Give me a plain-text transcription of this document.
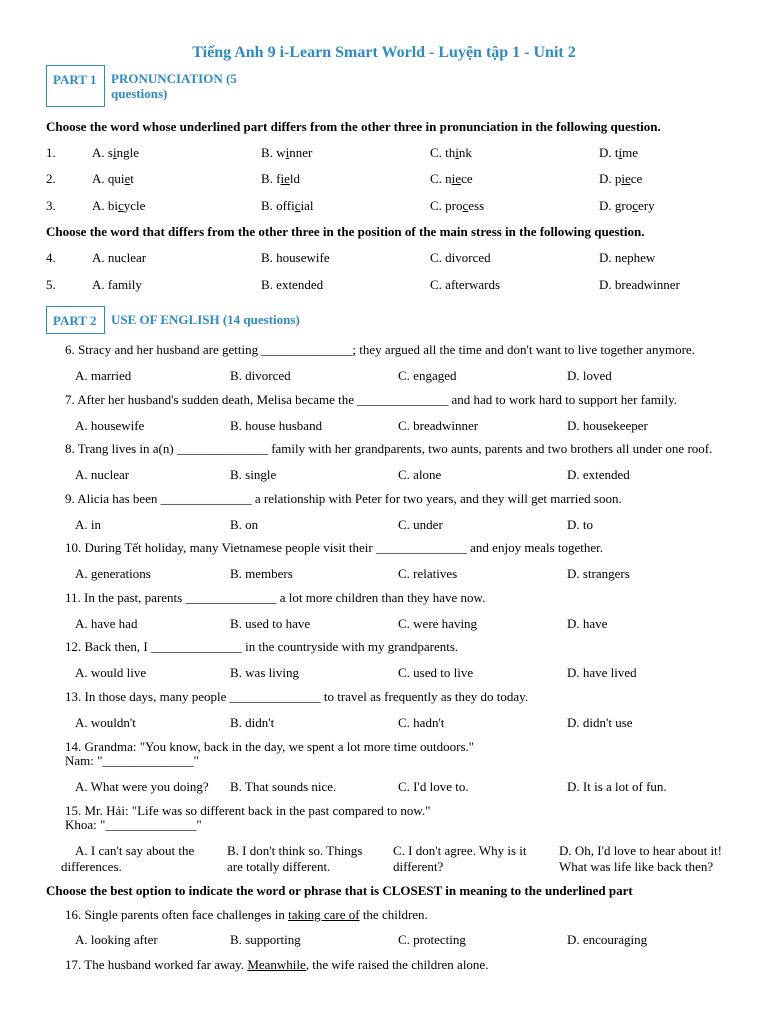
Tiếng Anh 9 i-Learn Smart World - Luyện tập 1 - Unit 2
PART 1	PRONUNCIATION (5
questions)
Choose the word whose underlined part differs from the other three in pronunciation in the following question.
1.	A. single	B. winner	C. think	D. time
2.	A. quiet	B. field	C. niece	D. piece
3.	A. bicycle	B. official	C. process	D. grocery
4.	A. nuclear	B. housewife	C. divorced	D. nephew
5.	A. family	B. extended	C. afterwards	D. breadwinner
Choose the word that differs from the other three in the position of the main stress in the following question.
PART 2	USE OF ENGLISH (14 questions)
6. Stracy and her husband are getting ______________; they argued all the time and don't want to live together anymore.
A. married	B. divorced	C. engaged	D. loved
7. After her husband's sudden death, Melisa became the ______________ and had to work hard to support her family.
A. housewife	B. house husband	C. breadwinner	D. housekeeper
8. Trang lives in a(n) ______________ family with her grandparents, two aunts, parents and two brothers all under one roof.
A. nuclear	B. single	C. alone	D. extended
9. Alicia has been ______________ a relationship with Peter for two years, and they will get married soon.
A. in	B. on	C. under	D. to
10. During Tết holiday, many Vietnamese people visit their ______________ and enjoy meals together.
A. generations	B. members	C. relatives	D. strangers
11. In the past, parents ______________ a lot more children than they have now.
A. have had	B. used to have	C. were having	D. have
12. Back then, I ______________ in the countryside with my grandparents.
A. would live	B. was living	C. used to live	D. have lived
13. In those days, many people ______________ to travel as frequently as they do today.
A. wouldn't	B. didn't	C. hadn't	D. didn't use
14. Grandma: "You know, back in the day, we spent a lot more time outdoors."
Nam: "______________"
A. What were you doing? B. That sounds nice.	C. I'd love to.	D. It is a lot of fun.
15. Mr. Hải: "Life was so different back in the past compared to now."
Khoa: "______________"
A. I can't say about the
differences.
B. I don't think so. Things
are totally different.
C. I don't agree. Why is it
different?
D. Oh, I'd love to hear about it!
What was life like back then?
Choose the best option to indicate the word or phrase that is CLOSEST in meaning to the underlined part
16. Single parents often face challenges in taking care of the children.
A. looking after	B. supporting	C. protecting	D. encouraging
17. The husband worked far away. Meanwhile, the wife raised the children alone.
